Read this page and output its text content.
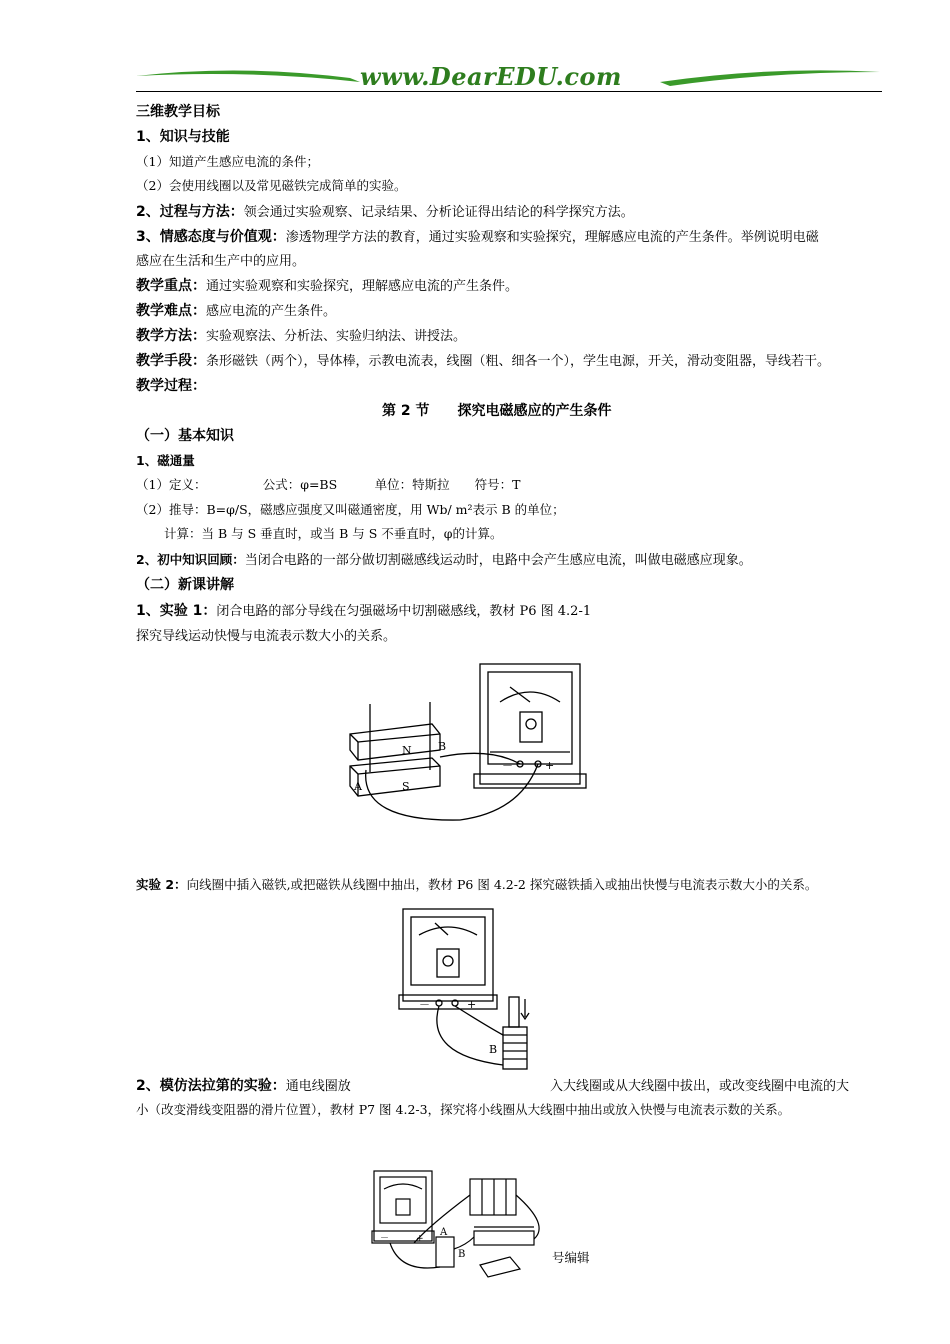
www.DearEDU.com
三维教学目标
1、知识与技能
（1）知道产生感应电流的条件；
（2）会使用线圈以及常见磁铁完成简单的实验。
2、过程与方法：领会通过实验观察、记录结果、分析论证得出结论的科学探究方法。
3、情感态度与价值观：渗透物理学方法的教育，通过实验观察和实验探究，理解感应电流的产生条件。举例说明电磁
感应在生活和生产中的应用。
教学重点：通过实验观察和实验探究，理解感应电流的产生条件。
教学难点：感应电流的产生条件。
教学方法：实验观察法、分析法、实验归纳法、讲授法。
教学手段：条形磁铁（两个），导体棒，示教电流表，线圈（粗、细各一个），学生电源，开关，滑动变阻器，导线若干。
教学过程：
第 2 节　　探究电磁感应的产生条件
（一）基本知识
1、磁通量
（1）定义：　　　　　公式：φ=BS　　　单位：特斯拉　　符号：T
（2）推导：B=φ/S，磁感应强度又叫磁通密度，用 Wb/ m²表示 B 的单位；
计算：当 B 与 S 垂直时，或当 B 与 S 不垂直时，φ的计算。
2、初中知识回顾：当闭合电路的一部分做切割磁感线运动时，电路中会产生感应电流，叫做电磁感应现象。
（二）新课讲解
1、实验 1：闭合电路的部分导线在匀强磁场中切割磁感线，教材 P6 图 4.2-1
探究导线运动快慢与电流表示数大小的关系。
－	+
N
S
A
B
实验 2：向线圈中插入磁铁,或把磁铁从线圈中抽出，教材 P6 图 4.2-2 探究磁铁插入或抽出快慢与电流表示数大小的关系。
－	+
B
2、模仿法拉第的实验：通电线圈放	入大线圈或从大线圈中拔出，或改变线圈中电流的大
小（改变滑线变阻器的滑片位置），教材 P7 图 4.2-3，探究将小线圈从大线圈中抽出或放入快慢与电流表示数的关系。
－	+
A
B	号编辑
